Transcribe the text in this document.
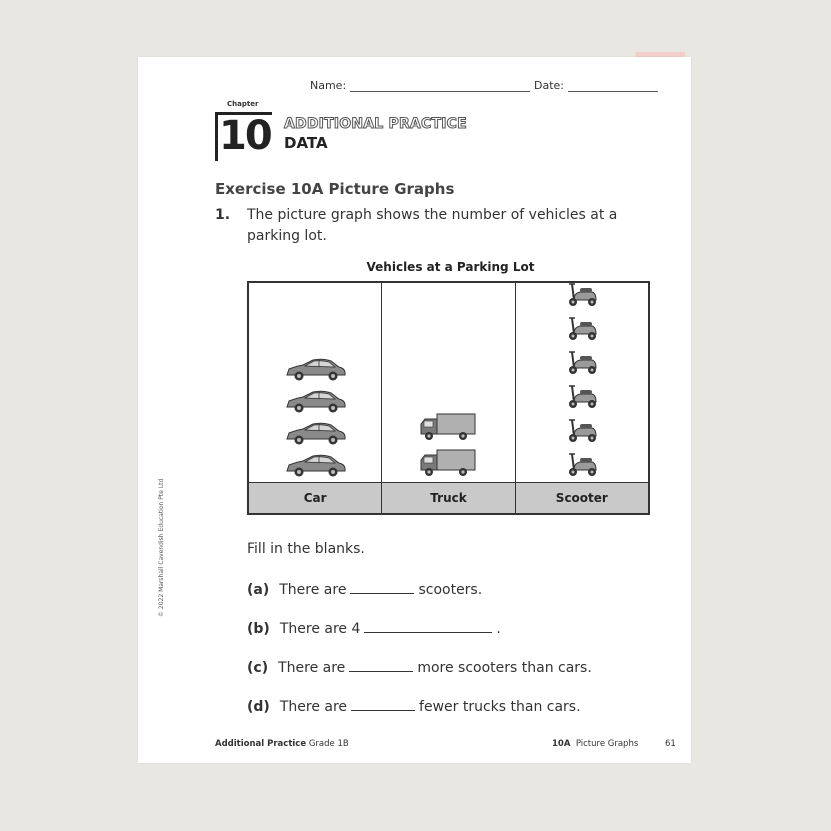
© 2022 Marshall Cavendish Education Pte Ltd
Name:	Date:
Chapter
10 ADDITIONAL PRACTICE
DATA
Exercise 10A Picture Graphs
1. The picture graph shows the number of vehicles at a parking lot.
Vehicles at a Parking Lot
Car	Truck	Scooter
Fill in the blanks.
(a) There are	scooters.
(b) There are 4	.
(c) There are	more scooters than cars.
(d) There are	fewer trucks than cars.
Additional Practice Grade 1B	10A Picture Graphs	61
